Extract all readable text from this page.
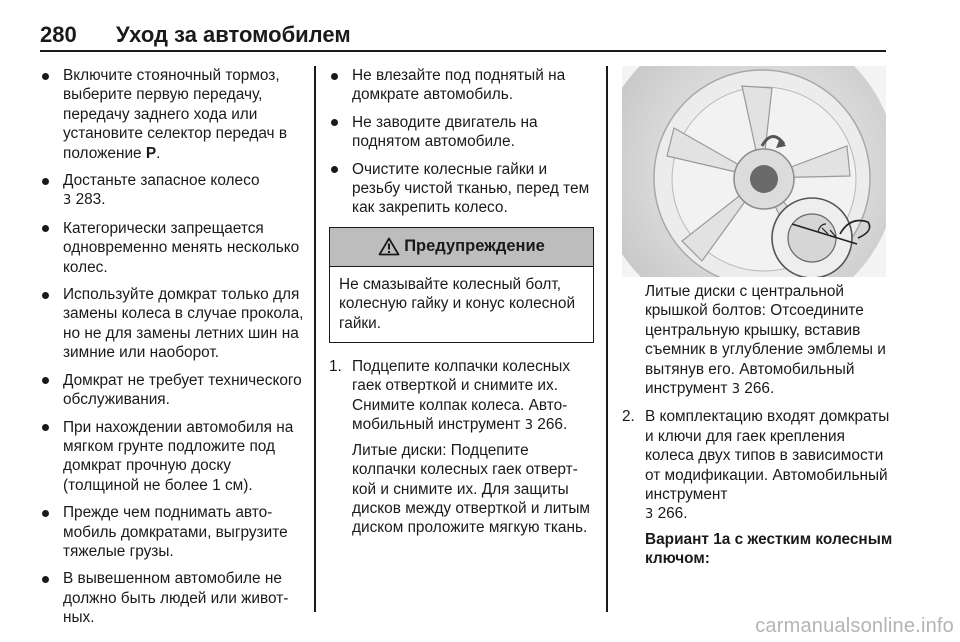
280 Уход за автомобилем
Включите стояночный тормоз, выберите первую передачу, передачу заднего хода или установите селектор передач в положение P.
Достаньте запасное колесо
3 283.
Категорически запрещается одновременно менять несколько колес.
Используйте домкрат только для замены колеса в случае прокола, но не для замены летних шин на зимние или наоборот.
Домкрат не требует технического обслуживания.
При нахождении автомобиля на мягком грунте подложите под домкрат прочную доску (толщиной не более 1 см).
Прежде чем поднимать автомобиль домкратами, выгрузите тяжелые грузы.
В вывешенном автомобиле не должно быть людей или животных.
Не влезайте под поднятый на домкрате автомобиль.
Не заводите двигатель на поднятом автомобиле.
Очистите колесные гайки и резьбу чистой тканью, перед тем как закрепить колесо.
Предупреждение
Не смазывайте колесный болт, колесную гайку и конус колесной гайки.
1. Подцепите колпачки колесных гаек отверткой и снимите их. Снимите колпак колеса. Автомобильный инструмент 3 266.
Литые диски: Подцепите колпачки колесных гаек отверткой и снимите их. Для защиты дисков между отверткой и литым диском проложите мягкую ткань.
Литые диски с центральной крышкой болтов: Отсоедините центральную крышку, вставив съемник в углубление эмблемы и вытянув его. Автомобильный инструмент 3 266.
2. В комплектацию входят домкраты и ключи для гаек крепления колеса двух типов в зависимости от модификации. Автомобильный инструмент
3 266.
Вариант 1а с жестким колесным ключом:
carmanualsonline.info
